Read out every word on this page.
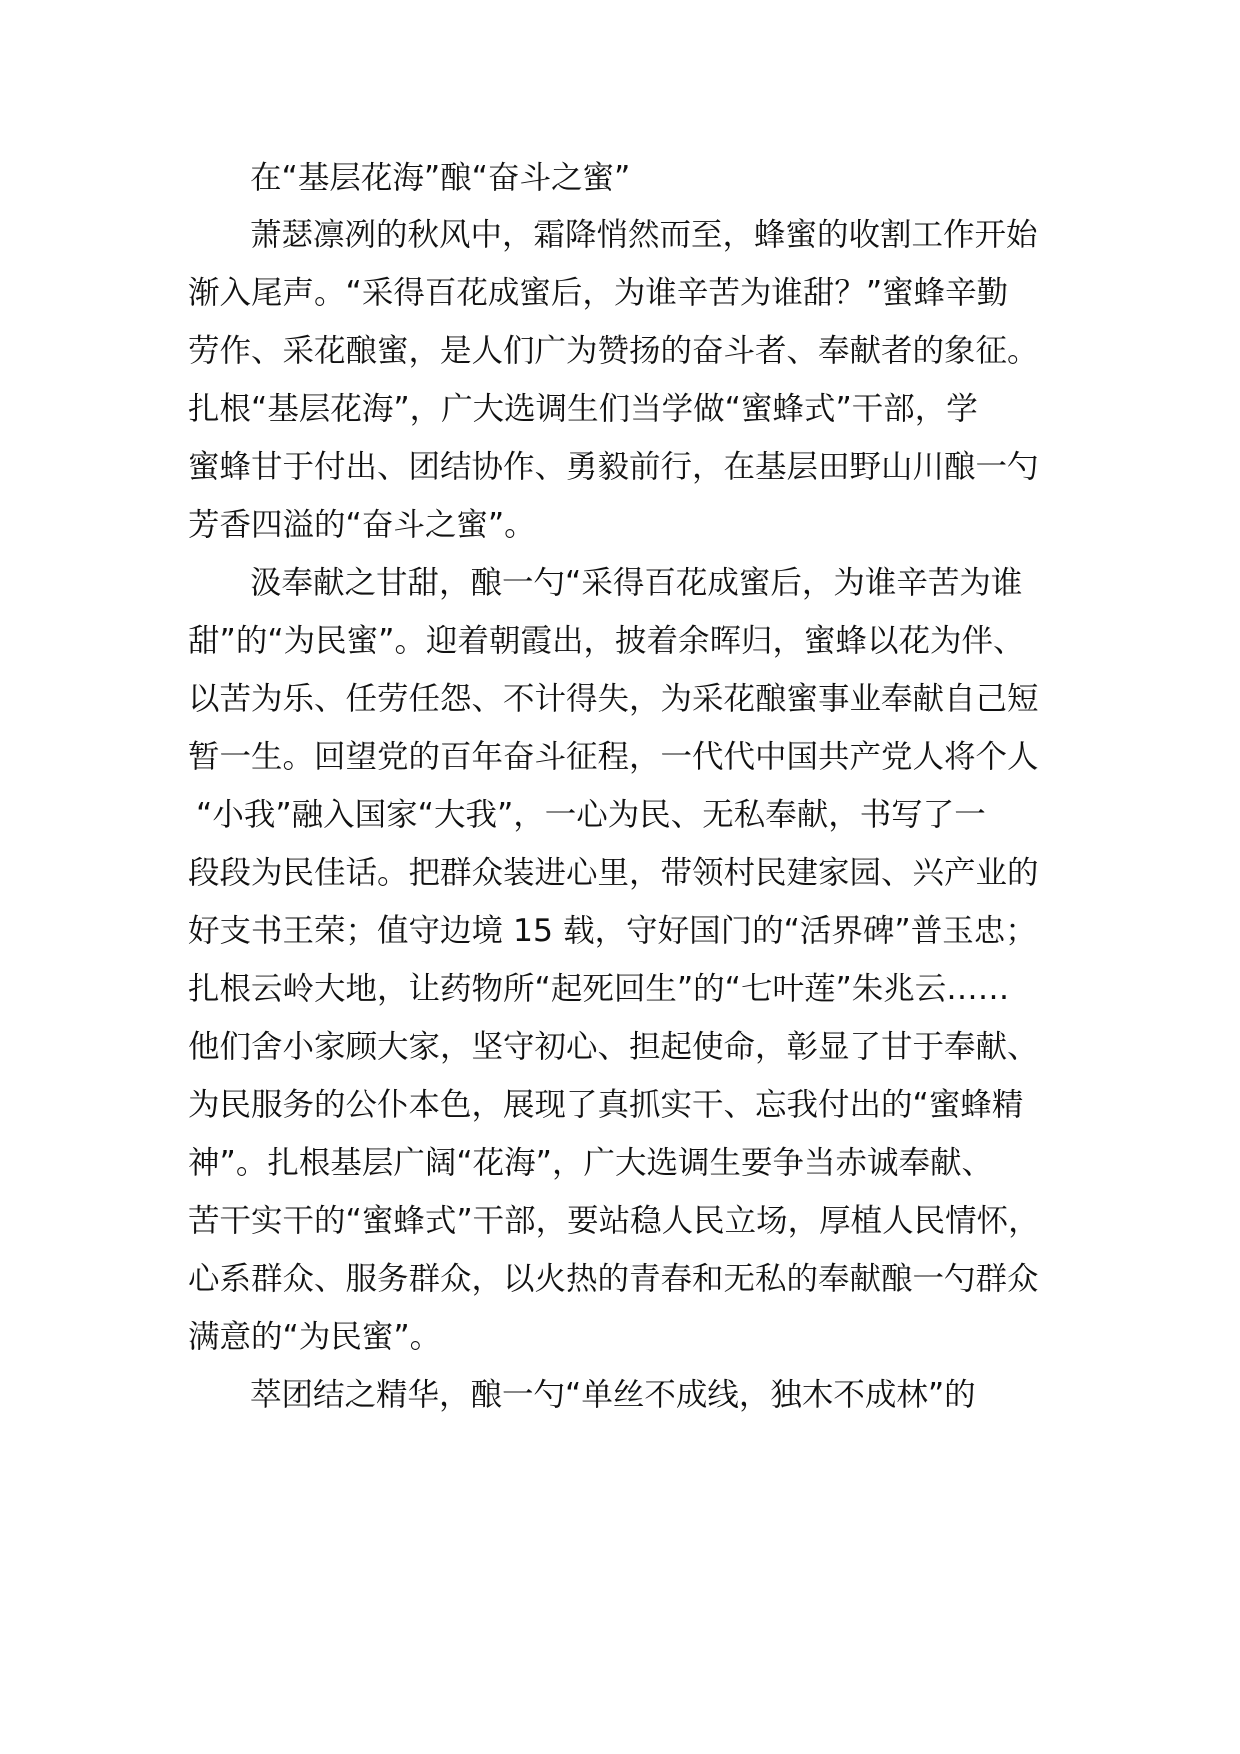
在“基层花海”酿“奋斗之蜜”
萧瑟凛冽的秋风中，霜降悄然而至，蜂蜜的收割工作开始
渐入尾声。“采得百花成蜜后，为谁辛苦为谁甜？”蜜蜂辛勤
劳作、采花酿蜜，是人们广为赞扬的奋斗者、奉献者的象征。
扎根“基层花海”，广大选调生们当学做“蜜蜂式”干部，学
蜜蜂甘于付出、团结协作、勇毅前行，在基层田野山川酿一勺
芳香四溢的“奋斗之蜜”。
汲奉献之甘甜，酿一勺“采得百花成蜜后，为谁辛苦为谁
甜”的“为民蜜”。迎着朝霞出，披着余晖归，蜜蜂以花为伴、
以苦为乐、任劳任怨、不计得失，为采花酿蜜事业奉献自己短
暂一生。回望党的百年奋斗征程，一代代中国共产党人将个人
“小我”融入国家“大我”，一心为民、无私奉献，书写了一
段段为民佳话。把群众装进心里，带领村民建家园、兴产业的
好支书王荣；值守边境 15 载，守好国门的“活界碑”普玉忠；
扎根云岭大地，让药物所“起死回生”的“七叶莲”朱兆云……
他们舍小家顾大家，坚守初心、担起使命，彰显了甘于奉献、
为民服务的公仆本色，展现了真抓实干、忘我付出的“蜜蜂精
神”。扎根基层广阔“花海”，广大选调生要争当赤诚奉献、
苦干实干的“蜜蜂式”干部，要站稳人民立场，厚植人民情怀，
心系群众、服务群众，以火热的青春和无私的奉献酿一勺群众
满意的“为民蜜”。
萃团结之精华，酿一勺“单丝不成线，独木不成林”的
